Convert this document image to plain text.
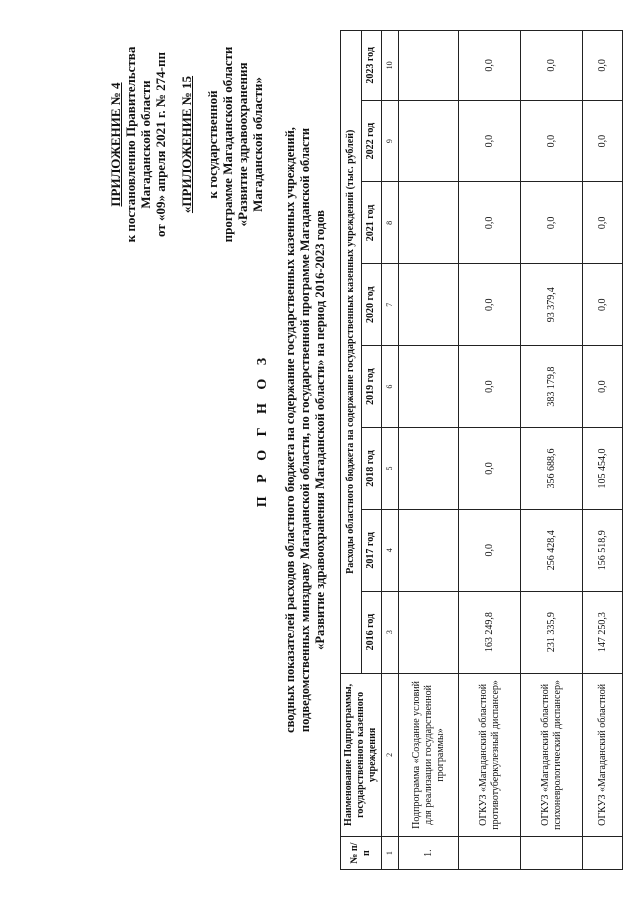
ПРИЛОЖЕНИЕ № 4 к постановлению Правительства Магаданской области от «09» апреля 2021 г. № 274-пп «ПРИЛОЖЕНИЕ № 15 к государственной программе Магаданской области «Развитие здравоохранения Магаданской области»
П Р О Г Н О З сводных показателей расходов областного бюджета на содержание государственных казенных учреждений, подведомственных минздраву Магаданской области, по государственной программе Магаданской области «Развитие здравоохранения Магаданской области» на период 2016-2023 годов
№ п/п	Наименование Подпрограммы, государственного казенного учреждения	Расходы областного бюджета на содержание государственных казенных учреждений (тыс. рублей)							
		2016 год	2017 год	2018 год	2019 год	2020 год	2021 год	2022 год	2023 год
1	2	3	4	5	6	7	8	9	10
1.	Подпрограмма «Создание условий для реализации государственной программы»								
	ОГКУЗ «Магаданский областной противотуберкулезный диспансер»	163 249,8	0,0	0,0	0,0	0,0	0,0	0,0	0,0
	ОГКУЗ «Магаданский областной психоневрологический диспансер»	231 335,9	256 428,4	356 688,6	383 179,8	93 379,4	0,0	0,0	0,0
	ОГКУЗ «Магаданский областной	147 250,3	156 518,9	105 454,0	0,0	0,0	0,0	0,0	0,0
